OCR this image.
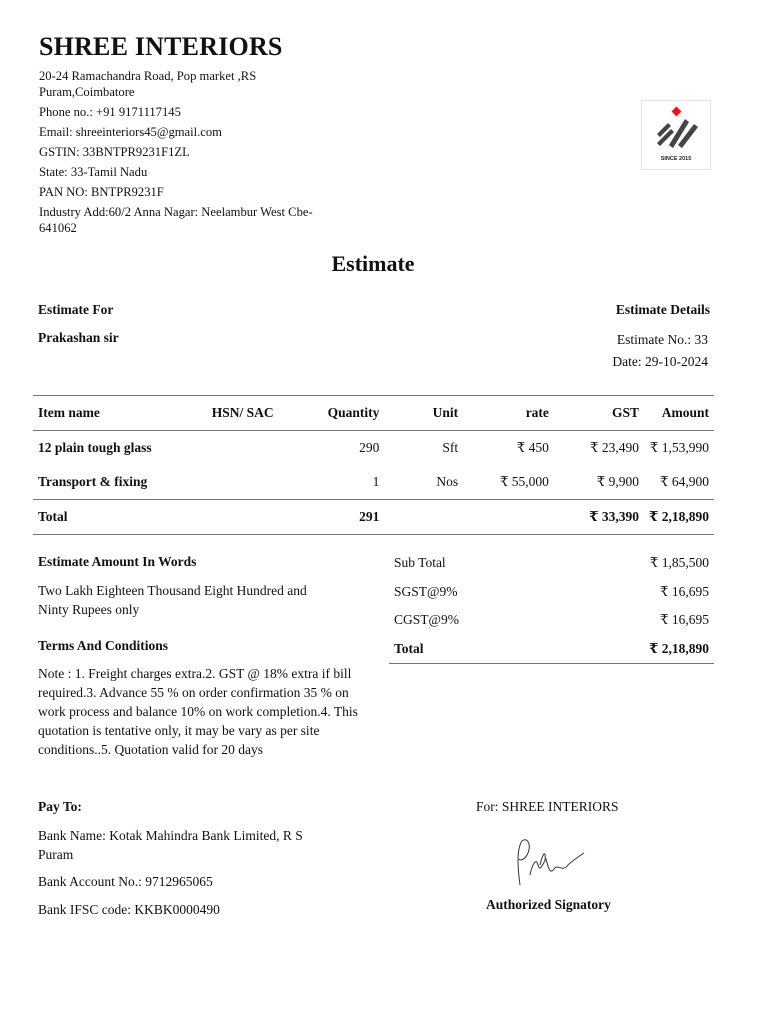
SHREE INTERIORS
20-24 Ramachandra Road, Pop market ,RS Puram,Coimbatore
Phone no.: +91 9171117145
Email: shreeinteriors45@gmail.com
GSTIN: 33BNTPR9231F1ZL
State: 33-Tamil Nadu
PAN NO: BNTPR9231F
Industry Add:60/2 Anna Nagar: Neelambur West Cbe-641062
SINCE 2015
Estimate
Estimate For
Prakashan sir
Estimate Details
Estimate No.: 33
Date: 29-10-2024
Item name	HSN/ SAC	Quantity	Unit	rate	GST	Amount
12 plain tough glass		290	Sft	₹ 450	₹ 23,490	₹ 1,53,990
Transport & fixing		1	Nos	₹ 55,000	₹ 9,900	₹ 64,900
Total		291			₹ 33,390	₹ 2,18,890
Estimate Amount In Words
Two Lakh Eighteen Thousand Eight Hundred and Ninty Rupees only
Terms And Conditions
Note : 1. Freight charges extra.2. GST @ 18% extra if bill required.3. Advance 55 % on order confirmation 35 % on work process and balance 10% on work completion.4. This quotation is tentative only, it may be vary as per site conditions..5. Quotation valid for 20 days
Sub Total	₹ 1,85,500
SGST@9%	₹ 16,695
CGST@9%	₹ 16,695
Total	₹ 2,18,890
Pay To:
Bank Name: Kotak Mahindra Bank Limited, R S Puram
Bank Account No.: 9712965065
Bank IFSC code: KKBK0000490
For: SHREE INTERIORS
Authorized Signatory
